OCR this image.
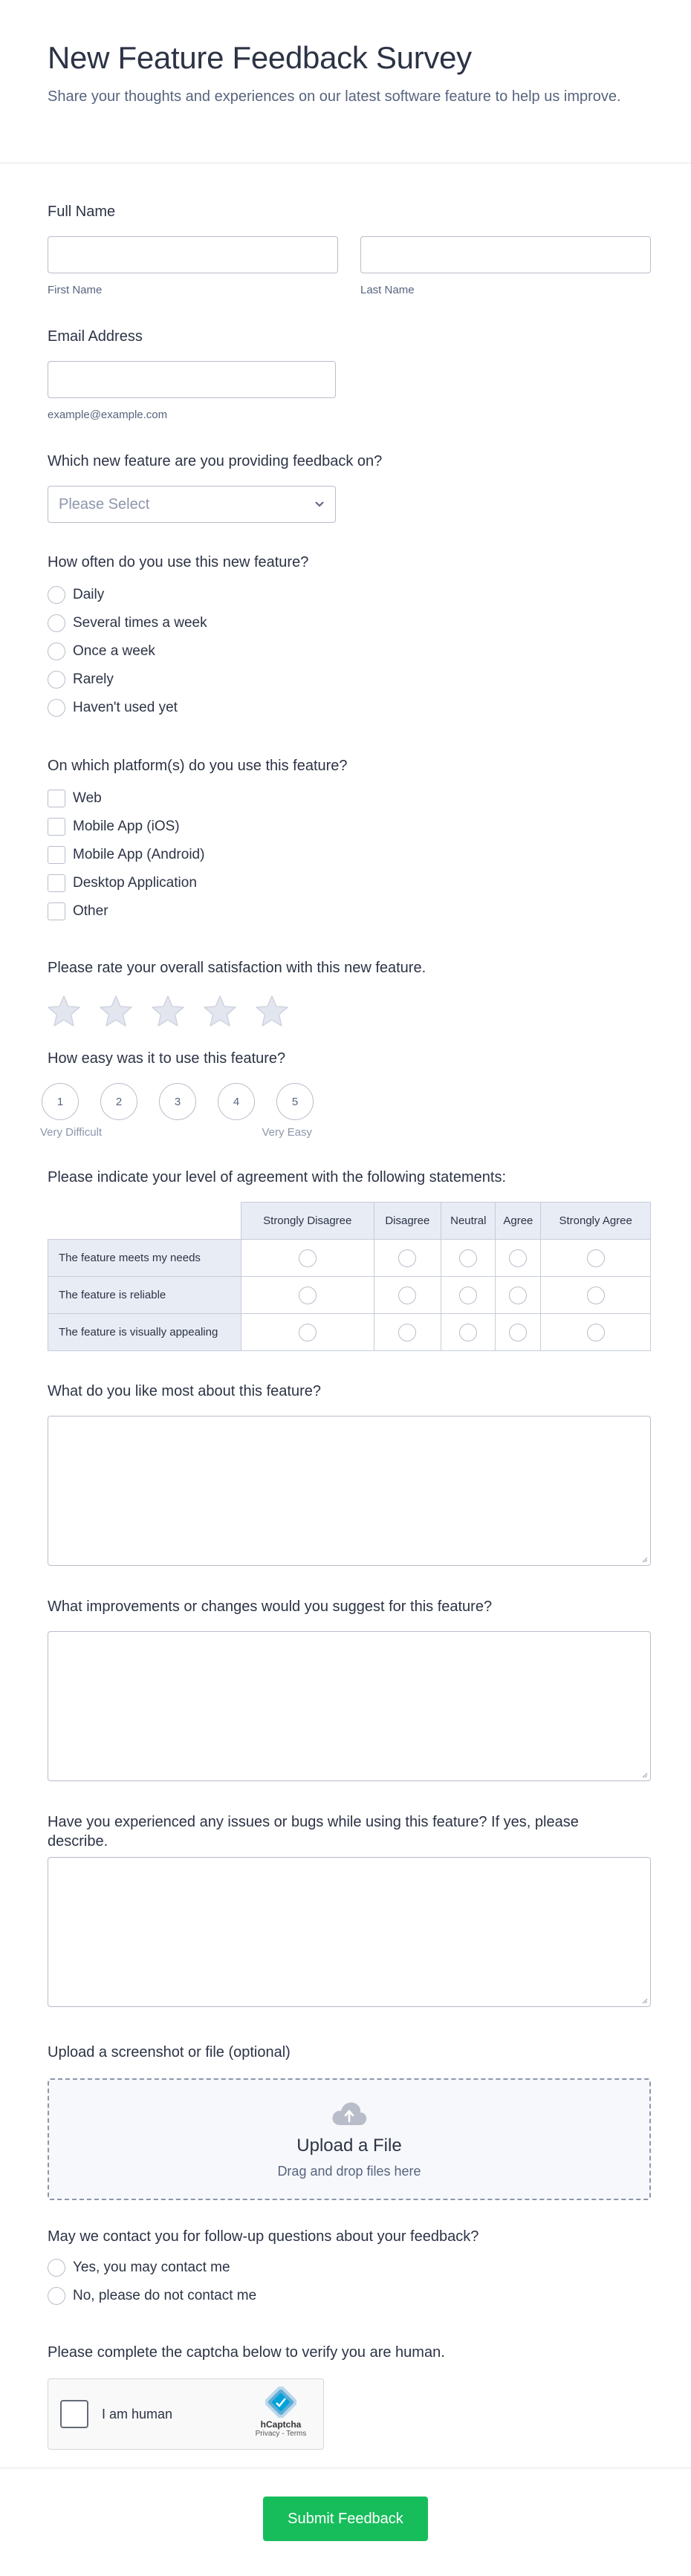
New Feature Feedback Survey

Share your thoughts and experiences on our latest software feature to help us improve.

Full Name
First Name	Last Name
Email Address
example@example.com
Which new feature are you providing feedback on?
Please Select
How often do you use this new feature?
Daily
Several times a week
Once a week
Rarely
Haven't used yet
On which platform(s) do you use this feature?
Web
Mobile App (iOS)
Mobile App (Android)
Desktop Application
Other
Please rate your overall satisfaction with this new feature.
How easy was it to use this feature?
1	2	3	4	5
Very Difficult	Very Easy
Please indicate your level of agreement with the following statements:
	Strongly Disagree	Disagree	Neutral	Agree	Strongly Agree
The feature meets my needs					
The feature is reliable					
The feature is visually appealing					
What do you like most about this feature?
What improvements or changes would you suggest for this feature?
Have you experienced any issues or bugs while using this feature? If yes, please describe.
Upload a screenshot or file (optional)
Upload a File
Drag and drop files here
May we contact you for follow-up questions about your feedback?
Yes, you may contact me
No, please do not contact me
Please complete the captcha below to verify you are human.
I am human
hCaptcha
Privacy - Terms
Submit Feedback
